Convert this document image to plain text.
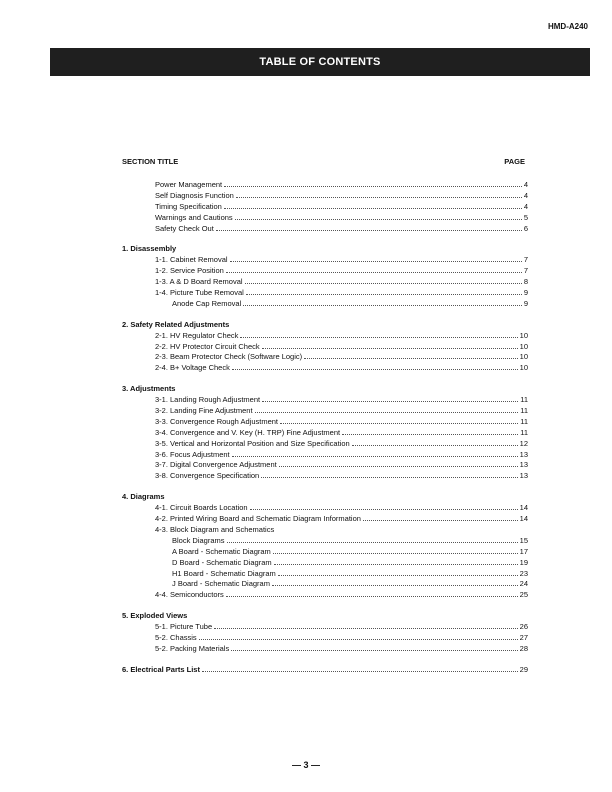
HMD-A240
TABLE OF CONTENTS
SECTION TITLE	PAGE
Power Management	4
Self Diagnosis Function	4
Timing Specification	4
Warnings and Cautions	5
Safety Check Out	6
1. Disassembly
1-1. Cabinet Removal	7
1-2. Service Position	7
1-3. A & D Board Removal	8
1-4. Picture Tube Removal	9
Anode Cap Removal	9
2. Safety Related Adjustments
2-1. HV Regulator Check	10
2-2. HV Protector Circuit Check	10
2-3. Beam Protector Check (Software Logic)	10
2-4. B+ Voltage Check	10
3. Adjustments
3-1. Landing Rough Adjustment	11
3-2. Landing Fine Adjustment	11
3-3. Convergence Rough Adjustment	11
3-4. Convergence and V. Key (H. TRP) Fine Adjustment	11
3-5. Vertical and Horizontal Position and Size Specification	12
3-6. Focus Adjustment	13
3-7. Digital Convergence Adjustment	13
3-8. Convergence Specification	13
4. Diagrams
4-1. Circuit Boards Location	14
4-2. Printed Wiring Board and Schematic Diagram Information	14
4-3. Block Diagram and Schematics
Block Diagrams	15
A Board - Schematic Diagram	17
D Board - Schematic Diagram	19
H1 Board - Schematic Diagram	23
J Board - Schematic Diagram	24
4-4. Semiconductors	25
5. Exploded Views
5-1. Picture Tube	26
5-2. Chassis	27
5-2. Packing Materials	28
6. Electrical Parts List	29
— 3 —
